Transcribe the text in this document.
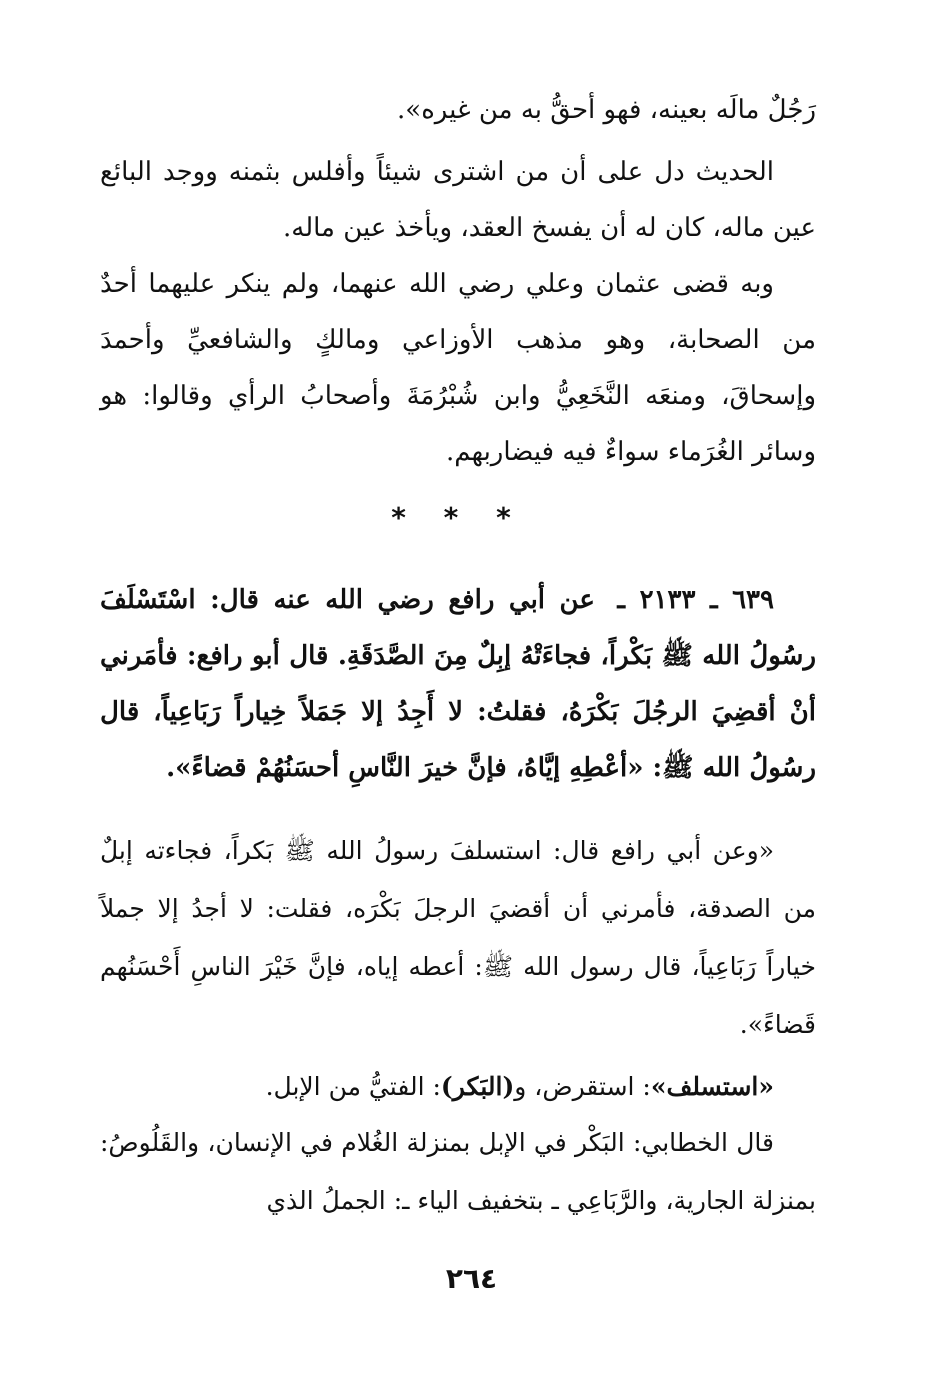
رَجُلٌ مالَه بعينه، فهو أحقُّ به من غيره».

الحديث دل على أن من اشترى شيئاً وأفلس بثمنه ووجد البائع عين ماله، كان له أن يفسخ العقد، ويأخذ عين ماله.

وبه قضى عثمان وعلي رضي الله عنهما، ولم ينكر عليهما أحدٌ من الصحابة، وهو مذهب الأوزاعي ومالكٍ والشافعيِّ وأحمدَ وإسحاقَ، ومنعَه النَّخَعِيُّ وابن شُبْرُمَةَ وأصحابُ الرأي وقالوا: هو وسائر الغُرَماء سواءٌ فيه فيضاربهم.

* * *

٦٣٩ ـ ٢١٣٣ ـ عن أبي رافع رضي الله عنه قال: اسْتَسْلَفَ رسُولُ الله ﷺ بَكْراً، فجاءَتْهُ إبِلٌ مِنَ الصَّدَقَةِ. قال أبو رافع: فأمَرني أنْ أقضِيَ الرجُلَ بَكْرَهُ، فقلتُ: لا أَجِدُ إلا جَمَلاً خِياراً رَبَاعِياً، قال رسُولُ الله ﷺ: «أعْطِهِ إيَّاهُ، فإنَّ خيرَ النَّاسِ أحسَنُهُمْ قضاءً».

«وعن أبي رافع قال: استسلفَ رسولُ الله ﷺ بَكراً، فجاءته إبلٌ من الصدقة، فأمرني أن أقضيَ الرجلَ بَكْرَه، فقلت: لا أجدُ إلا جملاً خياراً رَبَاعِياً، قال رسول الله ﷺ: أعطه إياه، فإنَّ خَيْرَ الناسِ أَحْسَنُهم قَضاءً».

«استسلف»: استقرض، و(البَكر): الفتيُّ من الإبل.

قال الخطابي: البَكْر في الإبل بمنزلة الغُلام في الإنسان، والقَلُوصُ: بمنزلة الجارية، والرَّبَاعِي ـ بتخفيف الياء ـ: الجملُ الذي

٢٦٤
